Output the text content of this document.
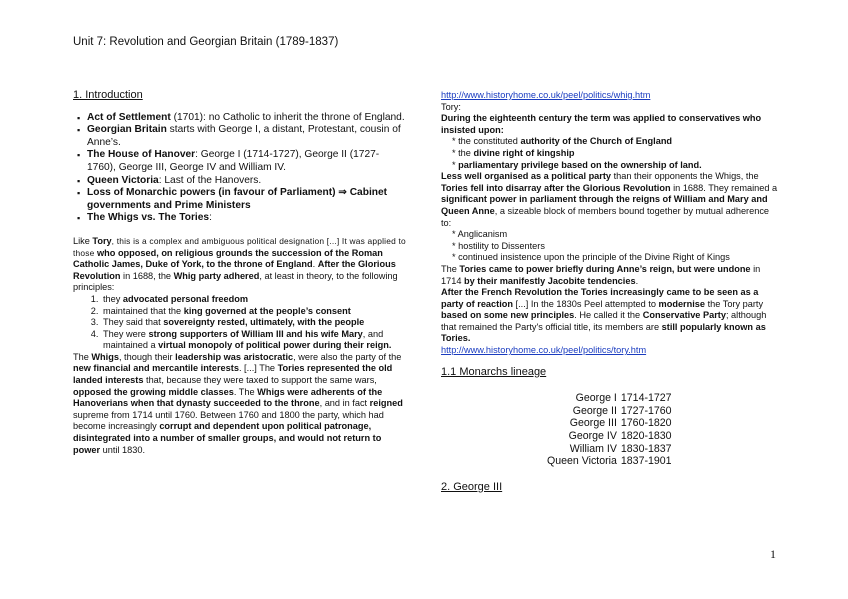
Unit 7: Revolution and Georgian Britain (1789-1837)
1. Introduction
▪ Act of Settlement (1701): no Catholic to inherit the throne of England.
▪ Georgian Britain starts with George I, a distant, Protestant, cousin of Anne’s.
▪ The House of Hanover: George I (1714-1727), George II (1727-1760), George III, George IV and William IV.
▪ Queen Victoria: Last of the Hanovers.
▪ Loss of Monarchic powers (in favour of Parliament) ⇒ Cabinet governments and Prime Ministers
▪ The Whigs vs. The Tories:

Like Tory, this is a complex and ambiguous political designation [...] It was applied to those who opposed, on religious grounds the succession of the Roman Catholic James, Duke of York, to the throne of England. After the Glorious Revolution in 1688, the Whig party adhered, at least in theory, to the following principles:

1. they advocated personal freedom
2. maintained that the king governed at the people’s consent
3. They said that sovereignty rested, ultimately, with the people
4. They were strong supporters of William III and his wife Mary, and maintained a virtual monopoly of political power during their reign.

The Whigs, though their leadership was aristocratic, were also the party of the new financial and mercantile interests. [...] The Tories represented the old landed interests that, because they were taxed to support the same wars, opposed the growing middle classes. The Whigs were adherents of the Hanoverians when that dynasty succeeded to the throne, and in fact reigned supreme from 1714 until 1760. Between 1760 and 1800 the party, which had become increasingly corrupt and dependent upon political patronage, disintegrated into a number of smaller groups, and would not return to power until 1830.

http://www.historyhome.co.uk/peel/politics/whig.htm

Tory:

During the eighteenth century the term was applied to conservatives who insisted upon:

* the constituted authority of the Church of England

* the divine right of kingship

* parliamentary privilege based on the ownership of land.

Less well organised as a political party than their opponents the Whigs, the Tories fell into disarray after the Glorious Revolution in 1688. They remained a significant power in parliament through the reigns of William and Mary and Queen Anne, a sizeable block of members bound together by mutual adherence to:

* Anglicanism

* hostility to Dissenters

* continued insistence upon the principle of the Divine Right of Kings

The Tories came to power briefly during Anne’s reign, but were undone in 1714 by their manifestly Jacobite tendencies.

After the French Revolution the Tories increasingly came to be seen as a party of reaction [...] In the 1830s Peel attempted to modernise the Tory party based on some new principles. He called it the Conservative Party; although that remained the Party's official title, its members are still popularly known as Tories.

http://www.historyhome.co.uk/peel/politics/tory.htm
1.1 Monarchs lineage
George I	1714-1727
George II	1727-1760
George III	1760-1820
George IV	1820-1830
William IV	1830-1837
Queen Victoria	1837-1901
2. George III
1
